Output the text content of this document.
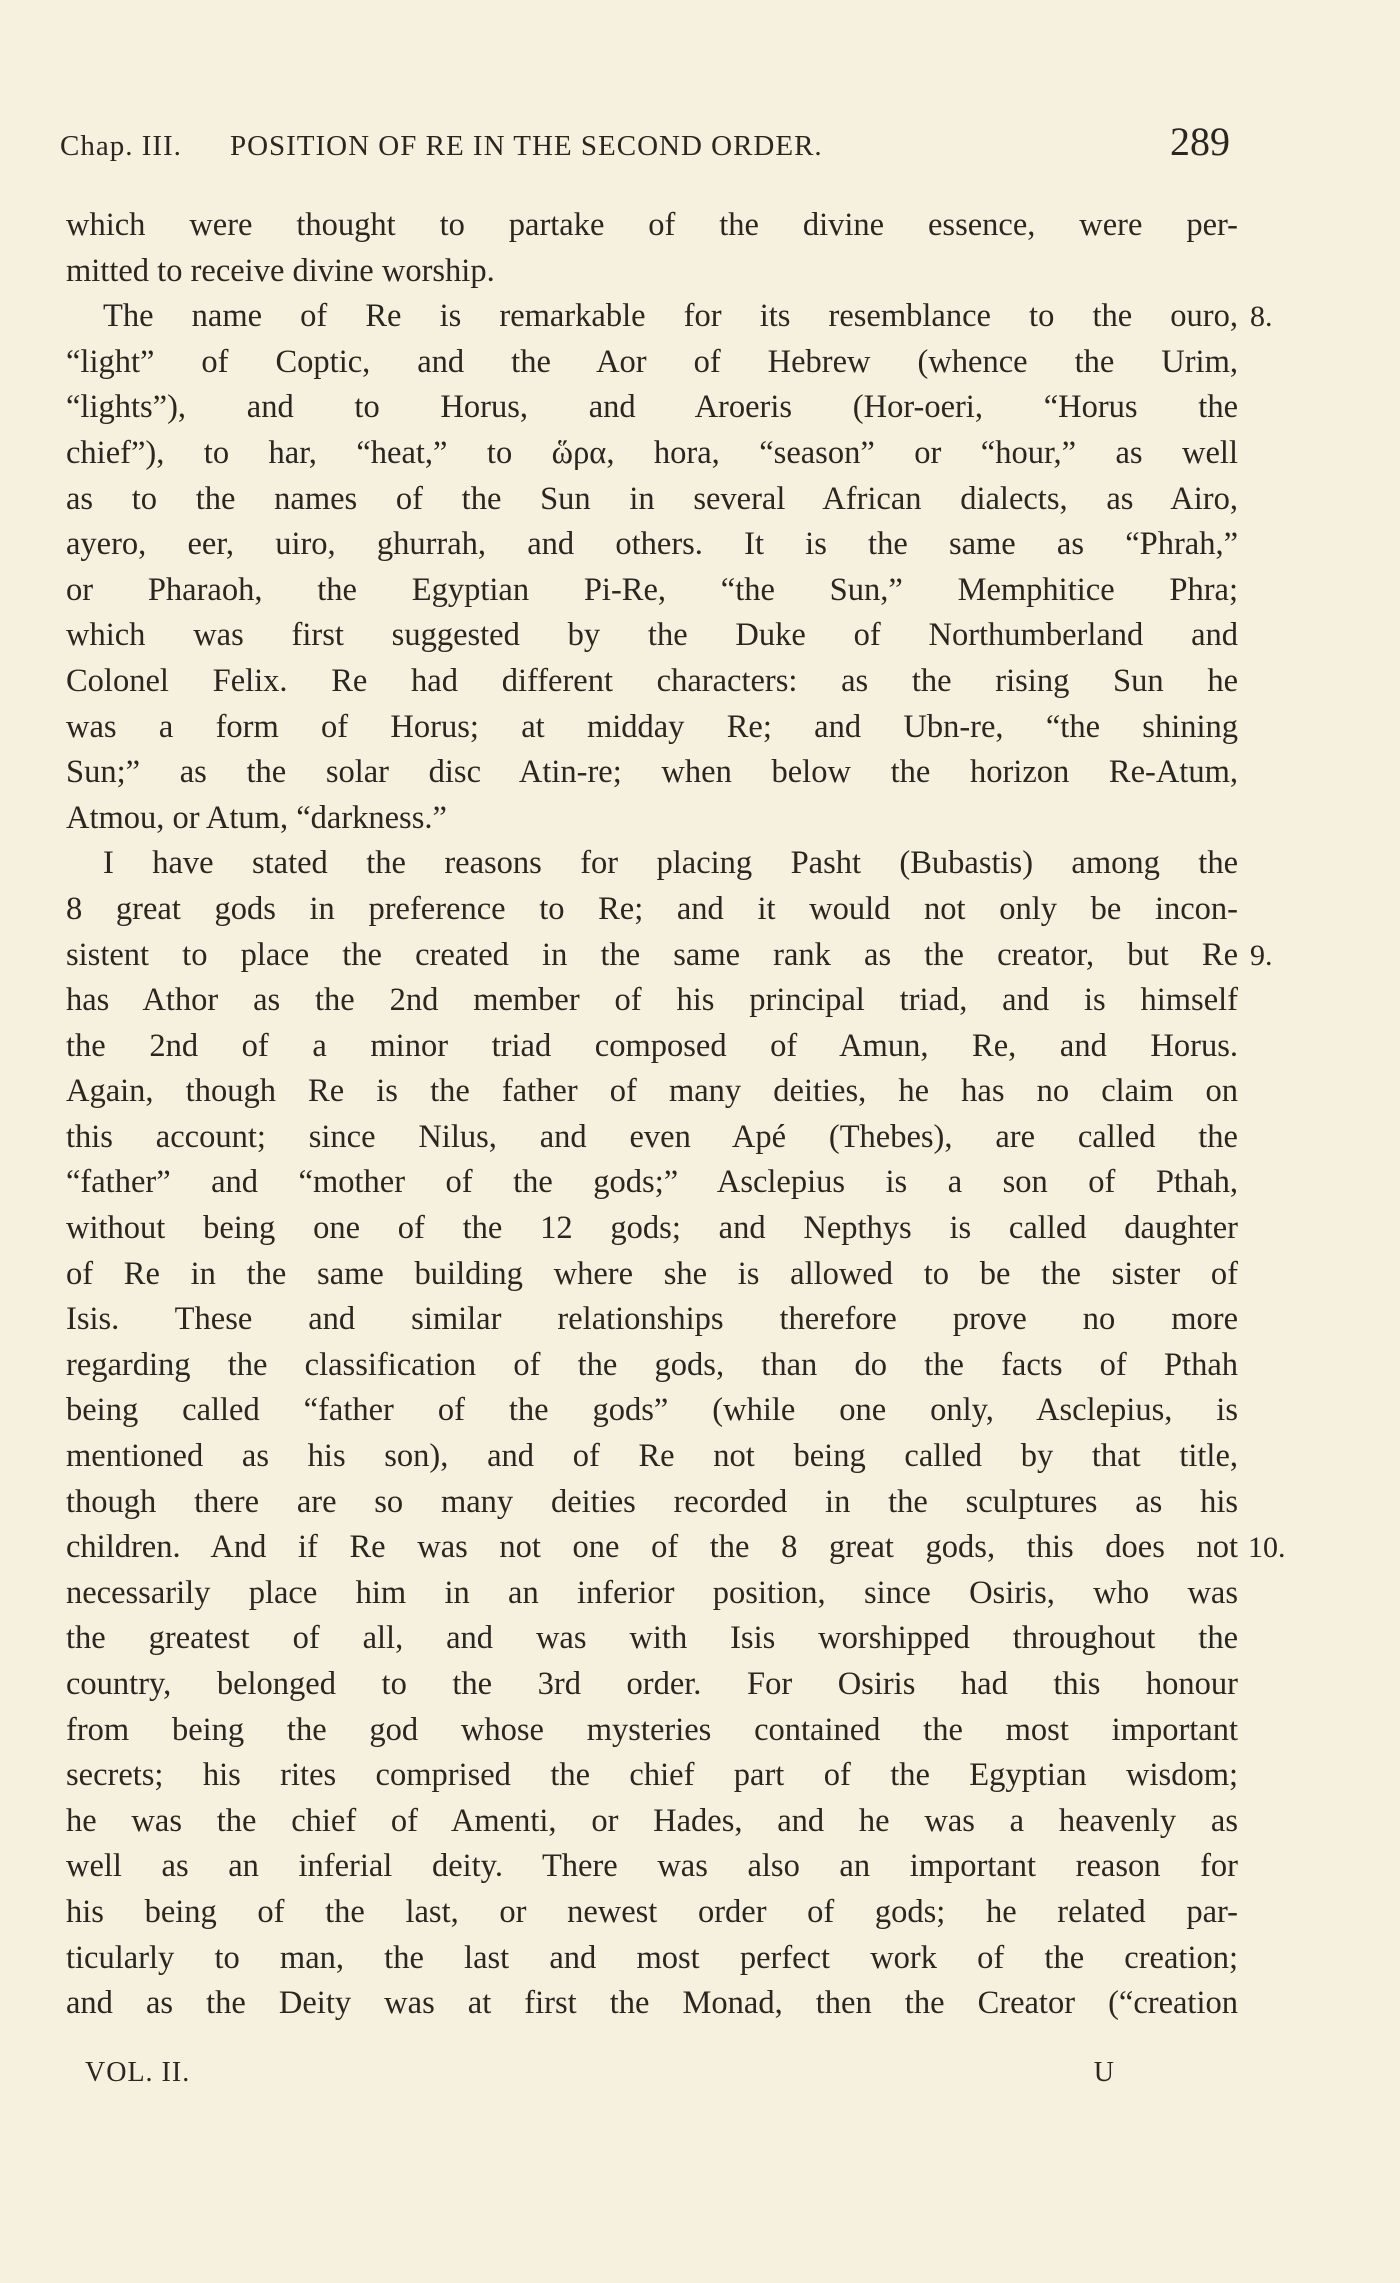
Chap. III. POSITION OF RE IN THE SECOND ORDER.	289
which were thought to partake of the divine essence, were per-
mitted to receive divine worship.
The name of Re is remarkable for its resemblance to the ouro,
“light” of Coptic, and the Aor of Hebrew (whence the Urim,
“lights”), and to Horus, and Aroeris (Hor-oeri, “Horus the
chief”), to har, “heat,” to ὥρα, hora, “season” or “hour,” as well
as to the names of the Sun in several African dialects, as Airo,
ayero, eer, uiro, ghurrah, and others. It is the same as “Phrah,”
or Pharaoh, the Egyptian Pi-Re, “the Sun,” Memphitice Phra;
which was first suggested by the Duke of Northumberland and
Colonel Felix. Re had different characters: as the rising Sun he
was a form of Horus; at midday Re; and Ubn-re, “the shining
Sun;” as the solar disc Atin-re; when below the horizon Re-Atum,
Atmou, or Atum, “darkness.”
I have stated the reasons for placing Pasht (Bubastis) among the
8 great gods in preference to Re; and it would not only be incon-
sistent to place the created in the same rank as the creator, but Re
has Athor as the 2nd member of his principal triad, and is himself
the 2nd of a minor triad composed of Amun, Re, and Horus.
Again, though Re is the father of many deities, he has no claim on
this account; since Nilus, and even Apé (Thebes), are called the
“father” and “mother of the gods;” Asclepius is a son of Pthah,
without being one of the 12 gods; and Nepthys is called daughter
of Re in the same building where she is allowed to be the sister of
Isis. These and similar relationships therefore prove no more
regarding the classification of the gods, than do the facts of Pthah
being called “father of the gods” (while one only, Asclepius, is
mentioned as his son), and of Re not being called by that title,
though there are so many deities recorded in the sculptures as his
children. And if Re was not one of the 8 great gods, this does not
necessarily place him in an inferior position, since Osiris, who was
the greatest of all, and was with Isis worshipped throughout the
country, belonged to the 3rd order. For Osiris had this honour
from being the god whose mysteries contained the most important
secrets; his rites comprised the chief part of the Egyptian wisdom;
he was the chief of Amenti, or Hades, and he was a heavenly as
well as an inferial deity. There was also an important reason for
his being of the last, or newest order of gods; he related par-
ticularly to man, the last and most perfect work of the creation;
and as the Deity was at first the Monad, then the Creator (“creation
8.
9.
10.
VOL. II.	U
